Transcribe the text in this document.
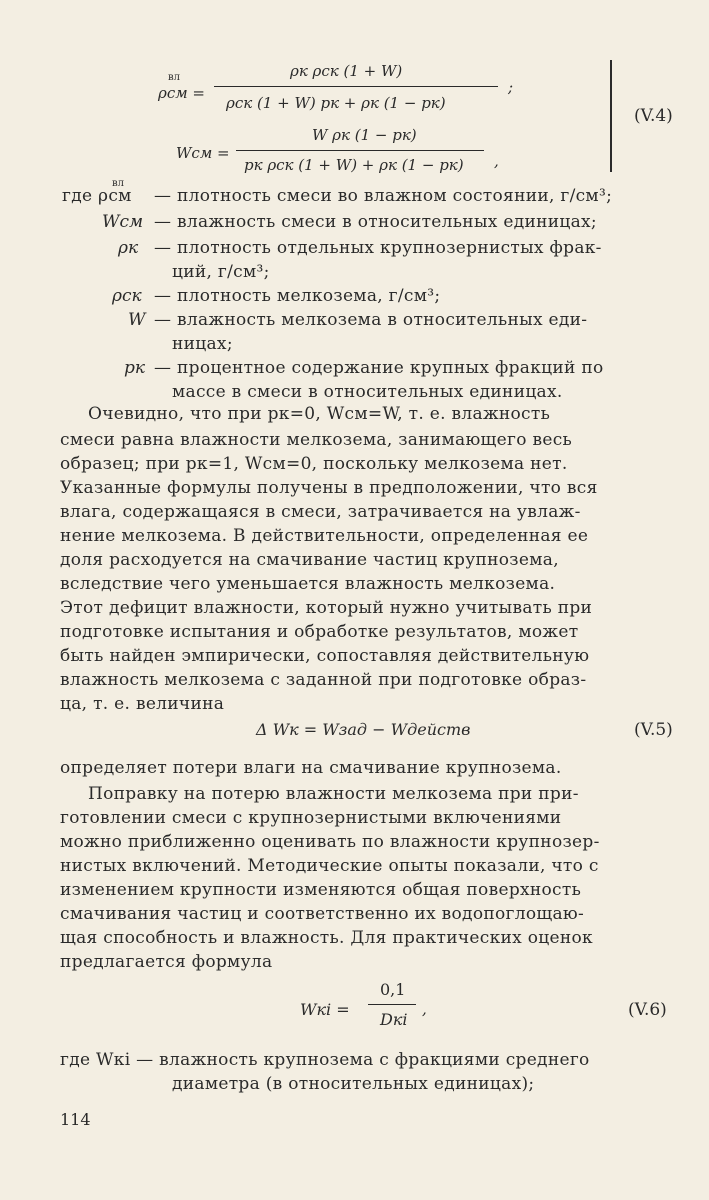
вл
ρсм =
ρк ρск (1 + W)
ρск (1 + W) pк + ρк (1 − pк)
;
Wсм =
W ρк (1 − pк)
pк ρск (1 + W) + ρк (1 − pк) ,
(V.4)
где ρсм
вл
— плотность смеси во влажном состоянии, г/см³;
Wсм — влажность смеси в относительных единицах;
ρк — плотность отдельных крупнозернистых фрак-
ций, г/см³;
ρск — плотность мелкозема, г/см³;
W — влажность мелкозема в относительных еди-
ницах;
pк — процентное содержание крупных фракций по
массе в смеси в относительных единицах.
Очевидно, что при pк=0, Wсм=W, т. е. влажность
смеси равна влажности мелкозема, занимающего весь
образец; при pк=1, Wсм=0, поскольку мелкозема нет.
Указанные формулы получены в предположении, что вся
влага, содержащаяся в смеси, затрачивается на увлаж-
нение мелкозема. В действительности, определенная ее
доля расходуется на смачивание частиц крупнозема,
вследствие чего уменьшается влажность мелкозема.
Этот дефицит влажности, который нужно учитывать при
подготовке испытания и обработке результатов, может
быть найден эмпирически, сопоставляя действительную
влажность мелкозема с заданной при подготовке образ-
ца, т. е. величина
Δ Wк = Wзад − Wдейств	(V.5)
определяет потери влаги на смачивание крупнозема.
Поправку на потерю влажности мелкозема при при-
готовлении смеси с крупнозернистыми включениями
можно приближенно оценивать по влажности крупнозер-
нистых включений. Методические опыты показали, что с
изменением крупности изменяются общая поверхность
смачивания частиц и соответственно их водопоглощаю-
щая способность и влажность. Для практических оценок
предлагается формула
Wкi =
0,1
Dкi
,	(V.6)
где Wкi — влажность крупнозема с фракциями среднего
диаметра (в относительных единицах);
114
